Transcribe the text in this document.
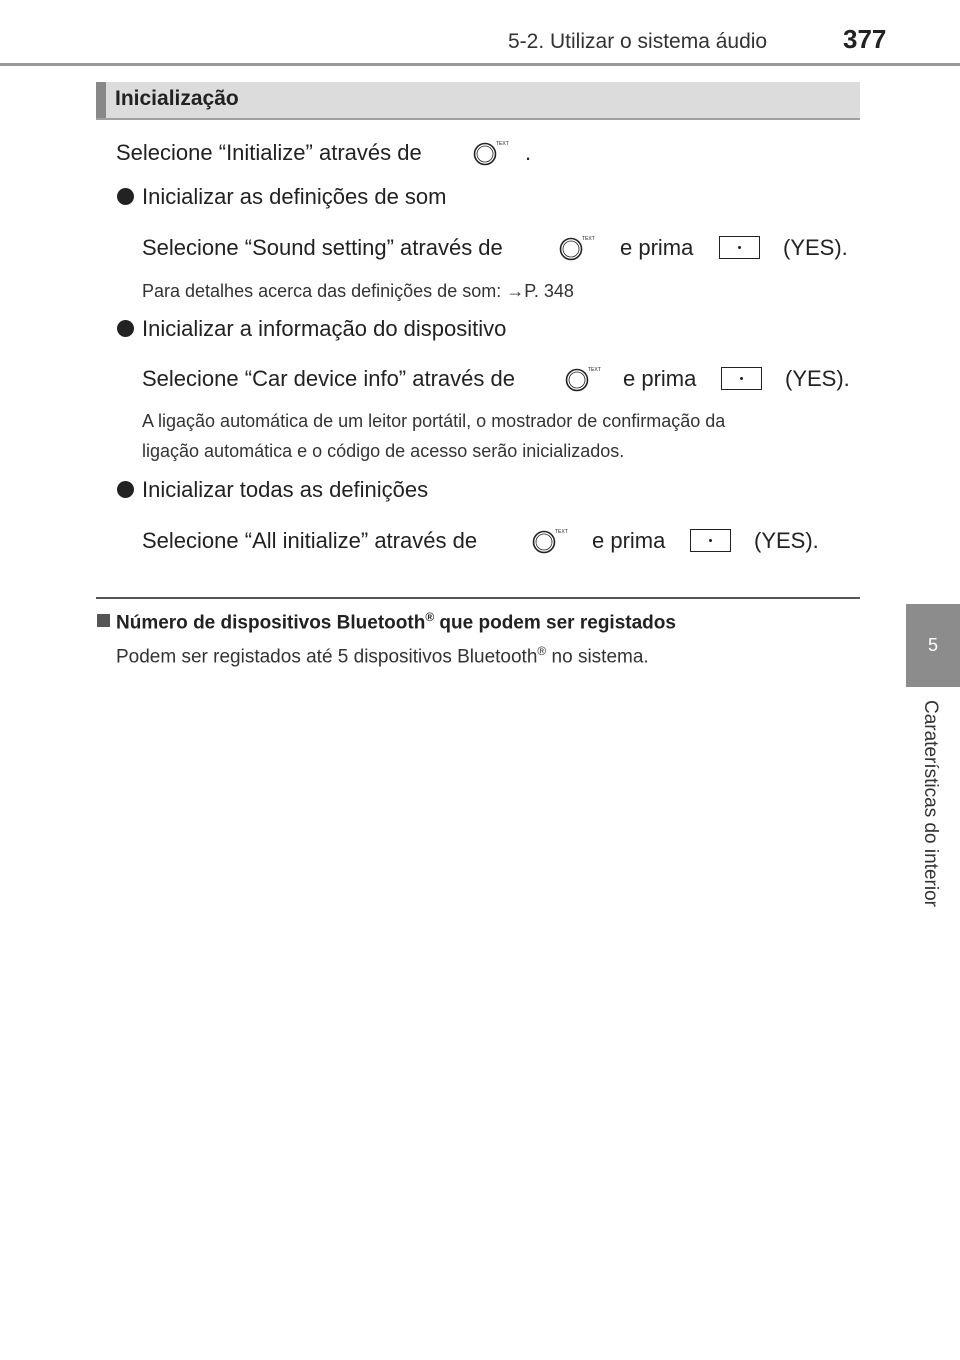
5-2. Utilizar o sistema áudio	377
5
Caraterísticas do interior
Inicialização
Selecione “Initialize” através de	TEXT .
Inicializar as definições de som
Selecione “Sound setting” através de	TEXT e prima	(YES).
Para detalhes acerca das definições de som: →P. 348
Inicializar a informação do dispositivo
Selecione “Car device info” através de	TEXT e prima	(YES).
A ligação automática de um leitor portátil, o mostrador de confirmação da
ligação automática e o código de acesso serão inicializados.
Inicializar todas as definições
Selecione “All initialize” através de	TEXT e prima	(YES).
Número de dispositivos Bluetooth® que podem ser registados
Podem ser registados até 5 dispositivos Bluetooth® no sistema.
